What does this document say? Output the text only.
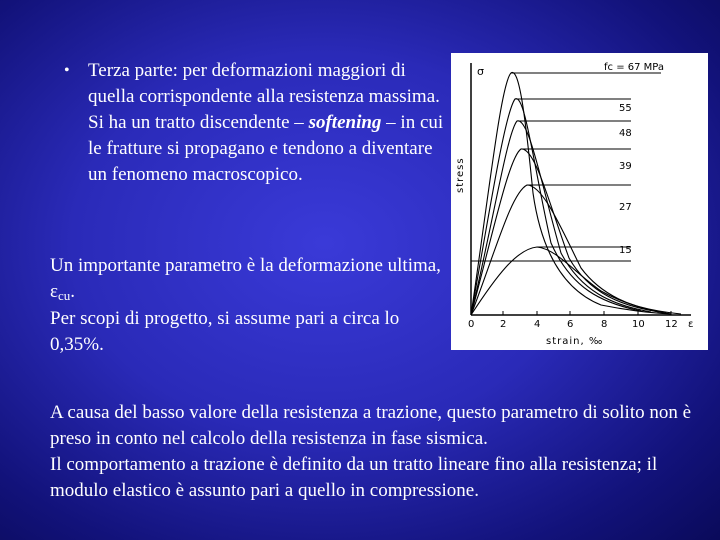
• Terza parte: per deformazioni maggiori di quella corrispondente alla resistenza massima. Si ha un tratto discendente – softening – in cui le fratture si propagano e tendono a diventare un fenomeno macroscopico.
Un importante parametro è la deformazione ultima, εcu.
Per scopi di progetto, si assume pari a circa lo 0,35%.
A causa del basso valore della resistenza a trazione, questo parametro di solito non è preso in conto nel calcolo della resistenza in fase sismica.
Il comportamento a trazione è definito da un tratto lineare fino alla resistenza; il modulo elastico è assunto pari a quello in compressione.
σ
stress
0	2	4	6	8 10 12 ε
strain, ‰
fc = 67 MPa
55
48
39
27
15
